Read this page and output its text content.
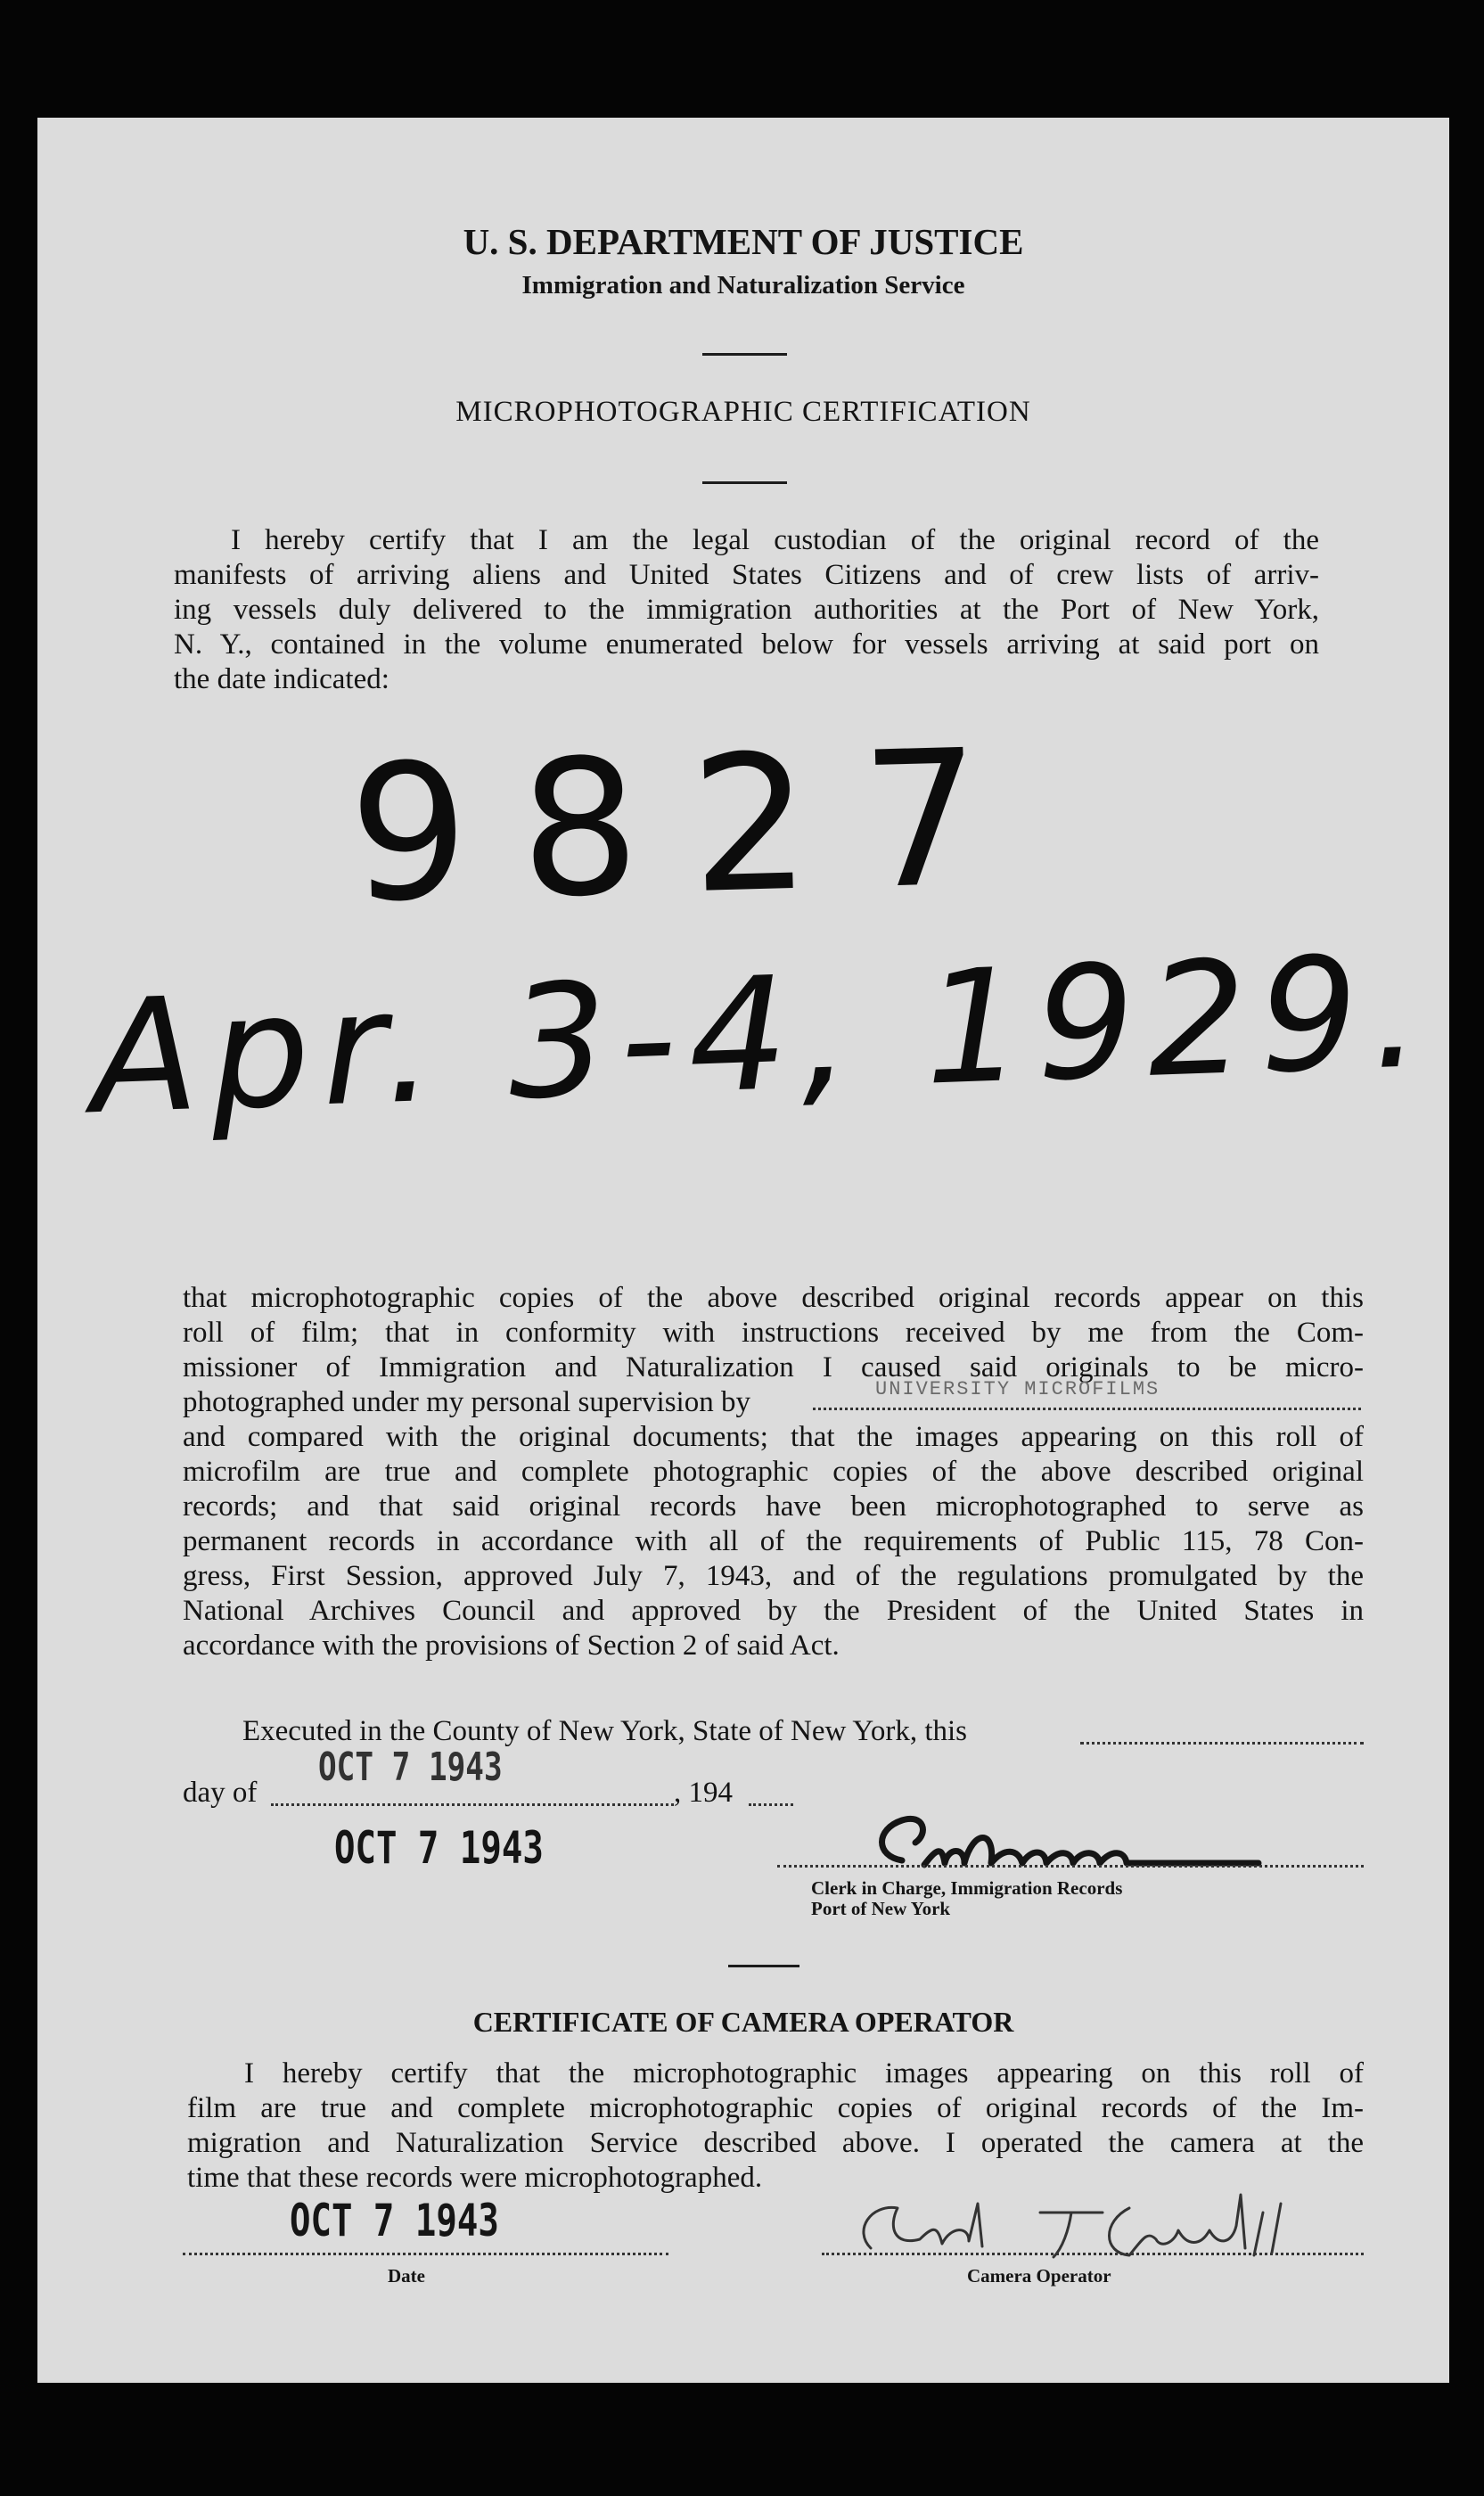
U. S. DEPARTMENT OF JUSTICE
Immigration and Naturalization Service
MICROPHOTOGRAPHIC CERTIFICATION

I hereby certify that I am the legal custodian of the original record of the

manifests of arriving aliens and United States Citizens and of crew lists of arriv-

ing vessels duly delivered to the immigration authorities at the Port of New York,

N. Y., contained in the volume enumerated below for vessels arriving at said port on

the date indicated:

9827
Apr. 3-4, 1929.

that microphotographic copies of the above described original records appear on this

roll of film; that in conformity with instructions received by me from the Com-

missioner of Immigration and Naturalization I caused said originals to be micro-

photographed under my personal supervision by

and compared with the original documents; that the images appearing on this roll of

microfilm are true and complete photographic copies of the above described original

records; and that said original records have been microphotographed to serve as

permanent records in accordance with all of the requirements of Public 115, 78 Con-

gress, First Session, approved July 7, 1943, and of the regulations promulgated by the

National Archives Council and approved by the President of the United States in

accordance with the provisions of Section 2 of said Act.

UNIVERSITY MICROFILMS
Executed in the County of New York, State of New York, this
day of
OCT 7 1943
, 194
OCT 7 1943
Clerk in Charge, Immigration Records
Port of New York
CERTIFICATE OF CAMERA OPERATOR

I hereby certify that the microphotographic images appearing on this roll of

film are true and complete microphotographic copies of original records of the Im-

migration and Naturalization Service described above. I operated the camera at the

time that these records were microphotographed.

OCT 7 1943
Date	Camera Operator
